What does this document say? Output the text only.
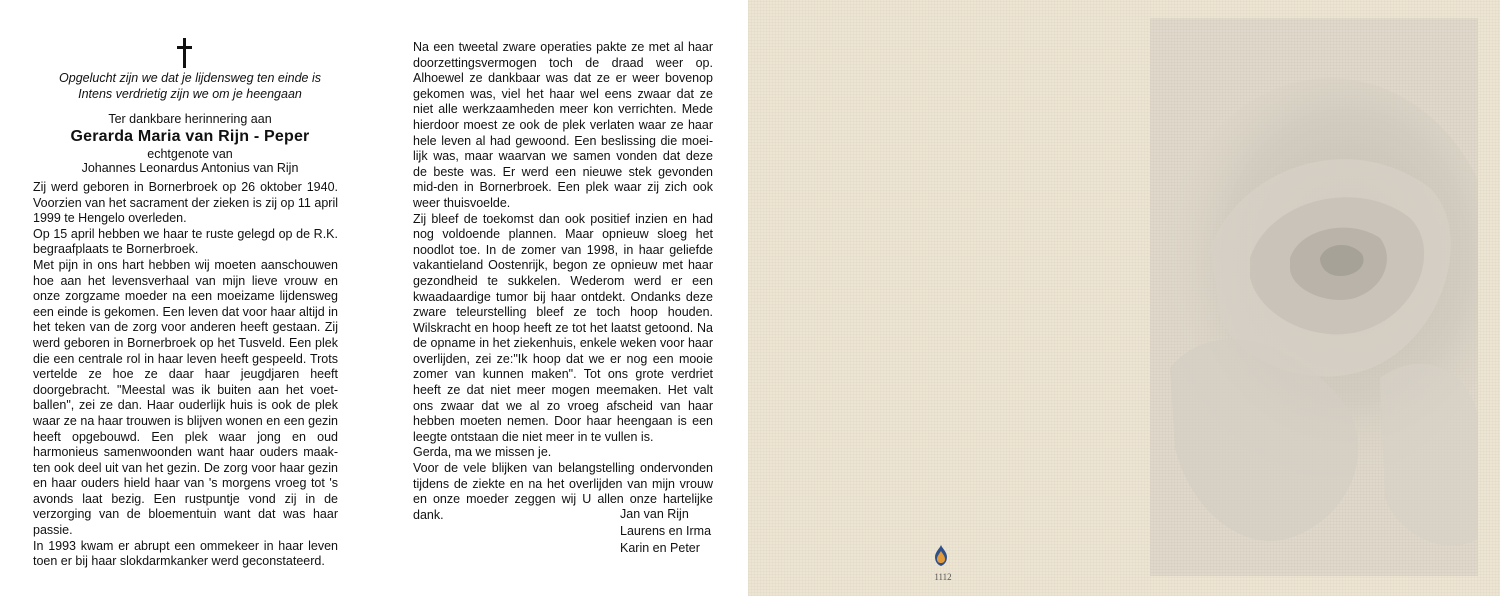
Opgelucht zijn we dat je lijdensweg ten einde is
Intens verdrietig zijn we om je heengaan
Ter dankbare herinnering aan
Gerarda Maria van Rijn - Peper
echtgenote van
Johannes Leonardus Antonius van Rijn

Zij werd geboren in Bornerbroek op 26 oktober 1940. Voorzien van het sacrament der zieken is zij op 11 april 1999 te Hengelo overleden.

Op 15 april hebben we haar te ruste gelegd op de R.K. begraafplaats te Bornerbroek.

Met pijn in ons hart hebben wij moeten aanschouwen hoe aan het levensverhaal van mijn lieve vrouw en onze zorgzame moeder na een moeizame lijdensweg een einde is gekomen. Een leven dat voor haar altijd in het teken van de zorg voor anderen heeft gestaan. Zij werd geboren in Bornerbroek op het Tusveld. Een plek die een centrale rol in haar leven heeft gespeeld. Trots vertelde ze hoe ze daar haar jeugdjaren heeft doorgebracht. "Meestal was ik buiten aan het voet-ballen", zei ze dan. Haar ouderlijk huis is ook de plek waar ze na haar trouwen is blijven wonen en een gezin heeft opgebouwd. Een plek waar jong en oud harmonieus samenwoonden want haar ouders maak-ten ook deel uit van het gezin. De zorg voor haar gezin en haar ouders hield haar van 's morgens vroeg tot 's avonds laat bezig. Een rustpuntje vond zij in de verzorging van de bloementuin want dat was haar passie.

In 1993 kwam er abrupt een ommekeer in haar leven toen er bij haar slokdarmkanker werd geconstateerd.

Na een tweetal zware operaties pakte ze met al haar doorzettingsvermogen toch de draad weer op. Alhoewel ze dankbaar was dat ze er weer bovenop gekomen was, viel het haar wel eens zwaar dat ze niet alle werkzaamheden meer kon verrichten. Mede hierdoor moest ze ook de plek verlaten waar ze haar hele leven al had gewoond. Een beslissing die moei-lijk was, maar waarvan we samen vonden dat deze de beste was. Er werd een nieuwe stek gevonden mid-den in Bornerbroek. Een plek waar zij zich ook weer thuisvoelde.

Zij bleef de toekomst dan ook positief inzien en had nog voldoende plannen. Maar opnieuw sloeg het noodlot toe. In de zomer van 1998, in haar geliefde vakantieland Oostenrijk, begon ze opnieuw met haar gezondheid te sukkelen. Wederom werd er een kwaadaardige tumor bij haar ontdekt. Ondanks deze zware teleurstelling bleef ze toch hoop houden. Wilskracht en hoop heeft ze tot het laatst getoond. Na de opname in het ziekenhuis, enkele weken voor haar overlijden, zei ze:"Ik hoop dat we er nog een mooie zomer van kunnen maken". Tot ons grote verdriet heeft ze dat niet meer mogen meemaken. Het valt ons zwaar dat we al zo vroeg afscheid van haar hebben moeten nemen. Door haar heengaan is een leegte ontstaan die niet meer in te vullen is.

Gerda, ma we missen je.

Voor de vele blijken van belangstelling ondervonden tijdens de ziekte en na het overlijden van mijn vrouw en onze moeder zeggen wij U allen onze hartelijke dank.	Jan van Rijn
Laurens en Irma
Karin en Peter
1112
